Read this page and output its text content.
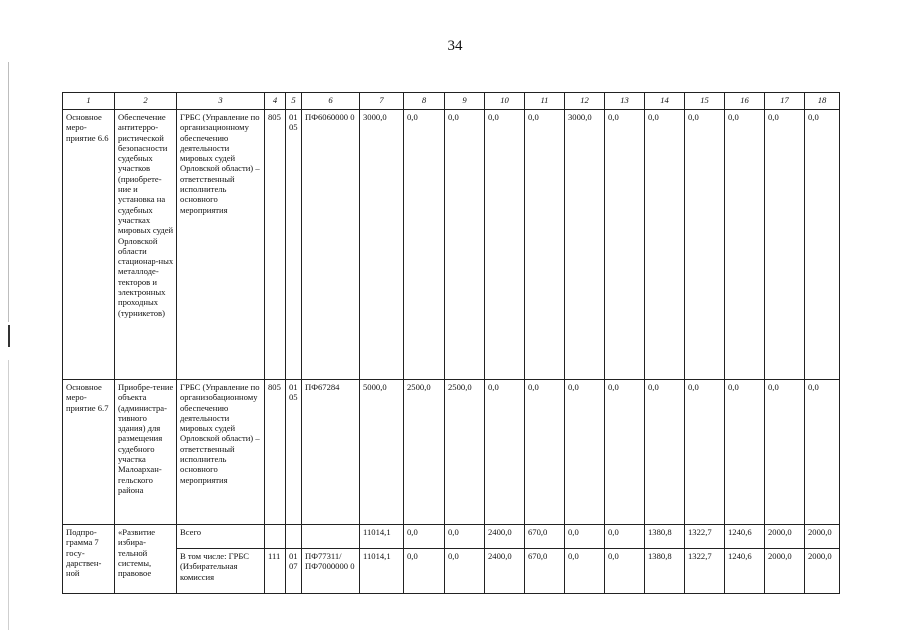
34
1	2	3	4	5	6	7	8	9	10	11	12	13	14	15	16	17	18
Основное меро-приятие 6.6	Обеспечение антитерро-ристической безопасности судебных участков (приобрете-ние и установка на судебных участках мировых судей Орловской области стационар-ных металлоде-текторов и электронных проходных (турникетов)	ГРБС (Управление по организационному обеспечению деятельности мировых судей Орловской области) – ответственный исполнитель основного мероприятия	805	01 05	ПФ6060000 0	3000,0	0,0	0,0	0,0	0,0	3000,0	0,0	0,0	0,0	0,0	0,0	0,0
Основное меро-приятие 6.7	Приобре-тение объекта (администра-тивного здания) для размещения судебного участка Малоархан-гельского района	ГРБС (Управление по организобационному обеспечению деятельности мировых судей Орловской области) – ответственный исполнитель основного мероприятия	805	01 05	ПФ67284	5000,0	2500,0	2500,0	0,0	0,0	0,0	0,0	0,0	0,0	0,0	0,0	0,0
Подпро-грамма 7 госу-дарствен-ной	«Развитие избира-тельной системы, правовое	Всего				11014,1	0,0	0,0	2400,0	670,0	0,0	0,0	1380,8	1322,7	1240,6	2000,0	2000,0
		В том числе: ГРБС (Избирательная комиссия	111	01 07	ПФ77311/ ПФ7000000 0	11014,1	0,0	0,0	2400,0	670,0	0,0	0,0	1380,8	1322,7	1240,6	2000,0	2000,0
